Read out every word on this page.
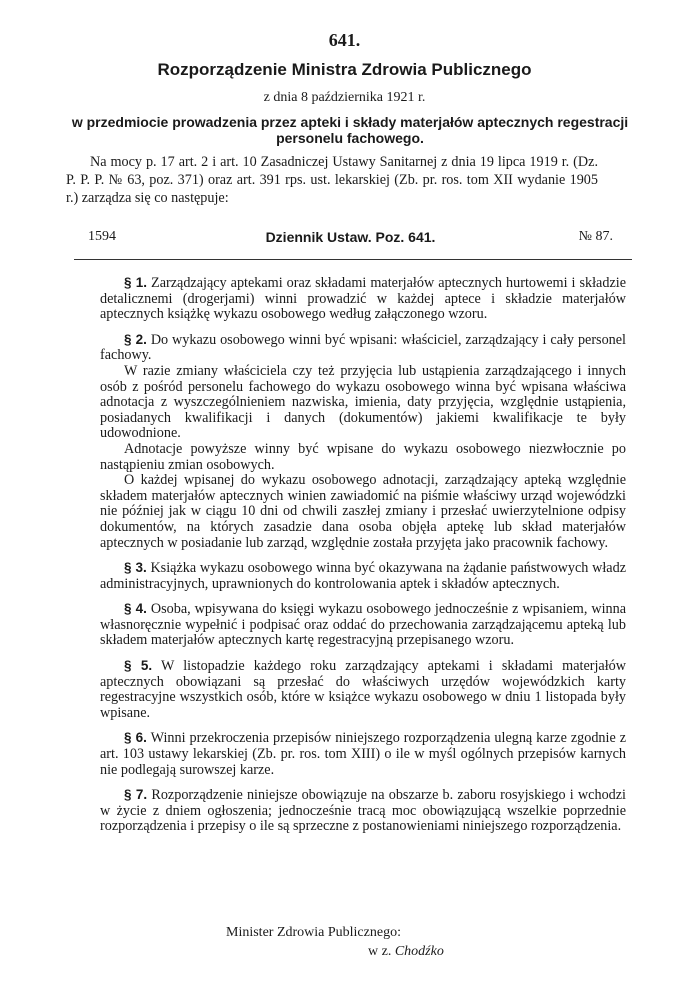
641.
Rozporządzenie Ministra Zdrowia Publicznego
z dnia 8 października 1921 r.
w przedmiocie prowadzenia przez apteki i składy materjałów aptecznych regestracji personelu fachowego.
Na mocy p. 17 art. 2 i art. 10 Zasadniczej Ustawy Sanitarnej z dnia 19 lipca 1919 r. (Dz. P. P. P. № 63, poz. 371) oraz art. 391 rps. ust. lekarskiej (Zb. pr. ros. tom XII wydanie 1905 r.) zarządza się co następuje:
1594	Dziennik Ustaw. Poz. 641.	№ 87.

§ 1. Zarządzający aptekami oraz składami materjałów aptecznych hurtowemi i składzie detalicznemi (drogerjami) winni prowadzić w każdej aptece i składzie materjałów aptecznych książkę wykazu osobowego według załączonego wzoru.

§ 2. Do wykazu osobowego winni być wpisani: właściciel, zarządzający i cały personel fachowy.

W razie zmiany właściciela czy też przyjęcia lub ustąpienia zarządzającego i innych osób z pośród personelu fachowego do wykazu osobowego winna być wpisana właściwa adnotacja z wyszczególnieniem nazwiska, imienia, daty przyjęcia, względnie ustąpienia, posiadanych kwalifikacji i danych (dokumentów) jakiemi kwalifikacje te były udowodnione.

Adnotacje powyższe winny być wpisane do wykazu osobowego niezwłocznie po nastąpieniu zmian osobowych.

O każdej wpisanej do wykazu osobowego adnotacji, zarządzający apteką względnie składem materjałów aptecznych winien zawiadomić na piśmie właściwy urząd wojewódzki nie później jak w ciągu 10 dni od chwili zaszłej zmiany i przesłać uwierzytelnione odpisy dokumentów, na których zasadzie dana osoba objęła aptekę lub skład materjałów aptecznych w posiadanie lub zarząd, względnie została przyjęta jako pracownik fachowy.

§ 3. Książka wykazu osobowego winna być okazywana na żądanie państwowych władz administracyjnych, uprawnionych do kontrolowania aptek i składów aptecznych.

§ 4. Osoba, wpisywana do księgi wykazu osobowego jednocześnie z wpisaniem, winna własnoręcznie wypełnić i podpisać oraz oddać do przechowania zarządzającemu apteką lub składem materjałów aptecznych kartę regestracyjną przepisanego wzoru.

§ 5. W listopadzie każdego roku zarządzający aptekami i składami materjałów aptecznych obowiązani są przesłać do właściwych urzędów wojewódzkich karty regestracyjne wszystkich osób, które w książce wykazu osobowego w dniu 1 listopada były wpisane.

§ 6. Winni przekroczenia przepisów niniejszego rozporządzenia ulegną karze zgodnie z art. 103 ustawy lekarskiej (Zb. pr. ros. tom XIII) o ile w myśl ogólnych przepisów karnych nie podlegają surowszej karze.

§ 7. Rozporządzenie niniejsze obowiązuje na obszarze b. zaboru rosyjskiego i wchodzi w życie z dniem ogłoszenia; jednocześnie tracą moc obowiązującą wszelkie poprzednie rozporządzenia i przepisy o ile są sprzeczne z postanowieniami niniejszego rozporządzenia.

Minister Zdrowia Publicznego:
w z. Chodźko
